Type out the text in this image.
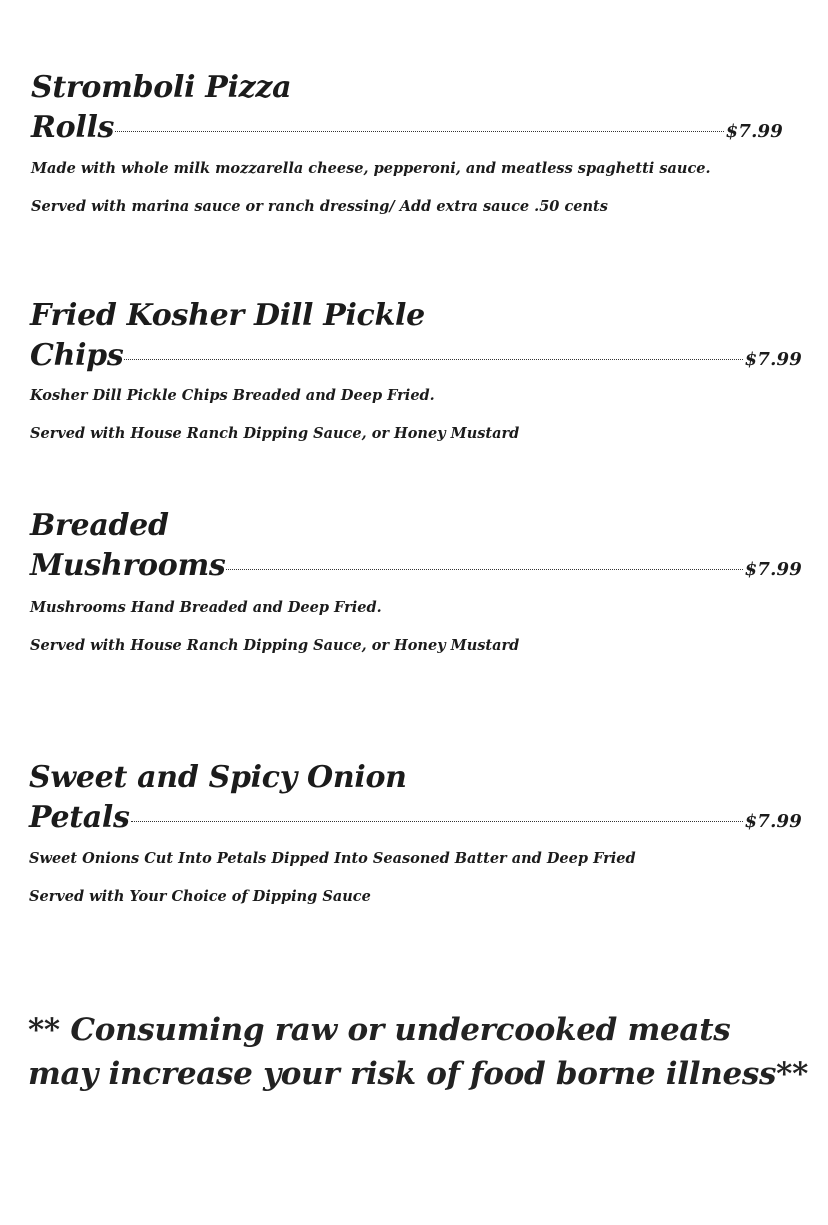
Stromboli Pizza
Rolls	$7.99
Made with whole milk mozzarella cheese, pepperoni, and meatless spaghetti sauce.
Served with marina sauce or ranch dressing/ Add extra sauce .50 cents
Fried Kosher Dill Pickle
Chips	$7.99
Kosher Dill Pickle Chips Breaded and Deep Fried.
Served with House Ranch Dipping Sauce, or Honey Mustard
Breaded
Mushrooms	$7.99
Mushrooms Hand Breaded and Deep Fried.
Served with House Ranch Dipping Sauce, or Honey Mustard
Sweet and Spicy Onion
Petals	$7.99
Sweet Onions Cut Into Petals Dipped Into Seasoned Batter and Deep Fried
Served with Your Choice of Dipping Sauce
** Consuming raw or undercooked meats may increase your risk of food borne illness**
